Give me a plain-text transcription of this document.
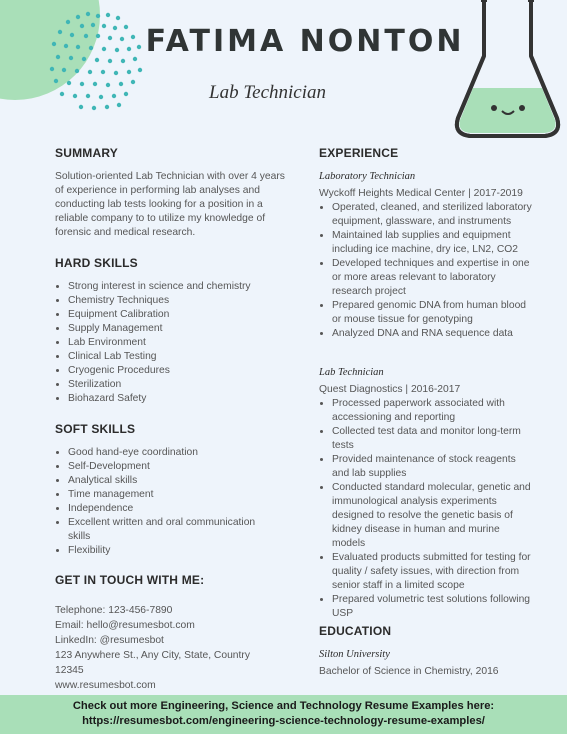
FATIMA NONTON
Lab Technician
SUMMARY

Solution-oriented Lab Technician with over 4 years of experience in performing lab analyses and conducting lab tests looking for a position in a reliable company to to utilize my knowledge of forensic and medical research.

HARD SKILLS
• Strong interest in science and chemistry
• Chemistry Techniques
• Equipment Calibration
• Supply Management
• Lab Environment
• Clinical Lab Testing
• Cryogenic Procedures
• Sterilization
• Biohazard Safety
SOFT SKILLS
• Good hand-eye coordination
• Self-Development
• Analytical skills
• Time management
• Independence
• Excellent written and oral communication skills
• Flexibility
GET IN TOUCH WITH ME:
Telephone: 123-456-7890
Email: hello@resumesbot.com
LinkedIn: @resumesbot
123 Anywhere St., Any City, State, Country
12345
www.resumesbot.com
EXPERIENCE

Laboratory Technician

Wyckoff Heights Medical Center | 2017-2019

• Operated, cleaned, and sterilized laboratory equipment, glassware, and instruments
• Maintained lab supplies and equipment including ice machine, dry ice, LN2, CO2
• Developed techniques and expertise in one or more areas relevant to laboratory research project
• Prepared genomic DNA from human blood or mouse tissue for genotyping
• Analyzed DNA and RNA sequence data

Lab Technician

Quest Diagnostics | 2016-2017

• Processed paperwork associated with accessioning and reporting
• Collected test data and monitor long-term tests
• Provided maintenance of stock reagents and lab supplies
• Conducted standard molecular, genetic and immunological analysis experiments designed to resolve the genetic basis of kidney disease in human and murine models
• Evaluated products submitted for testing for quality / safety issues, with direction from senior staff in a limited scope
• Prepared volumetric test solutions following USP
EDUCATION

Silton University

Bachelor of Science in Chemistry, 2016

Check out more Engineering, Science and Technology Resume Examples here:
https://resumesbot.com/engineering-science-technology-resume-examples/
